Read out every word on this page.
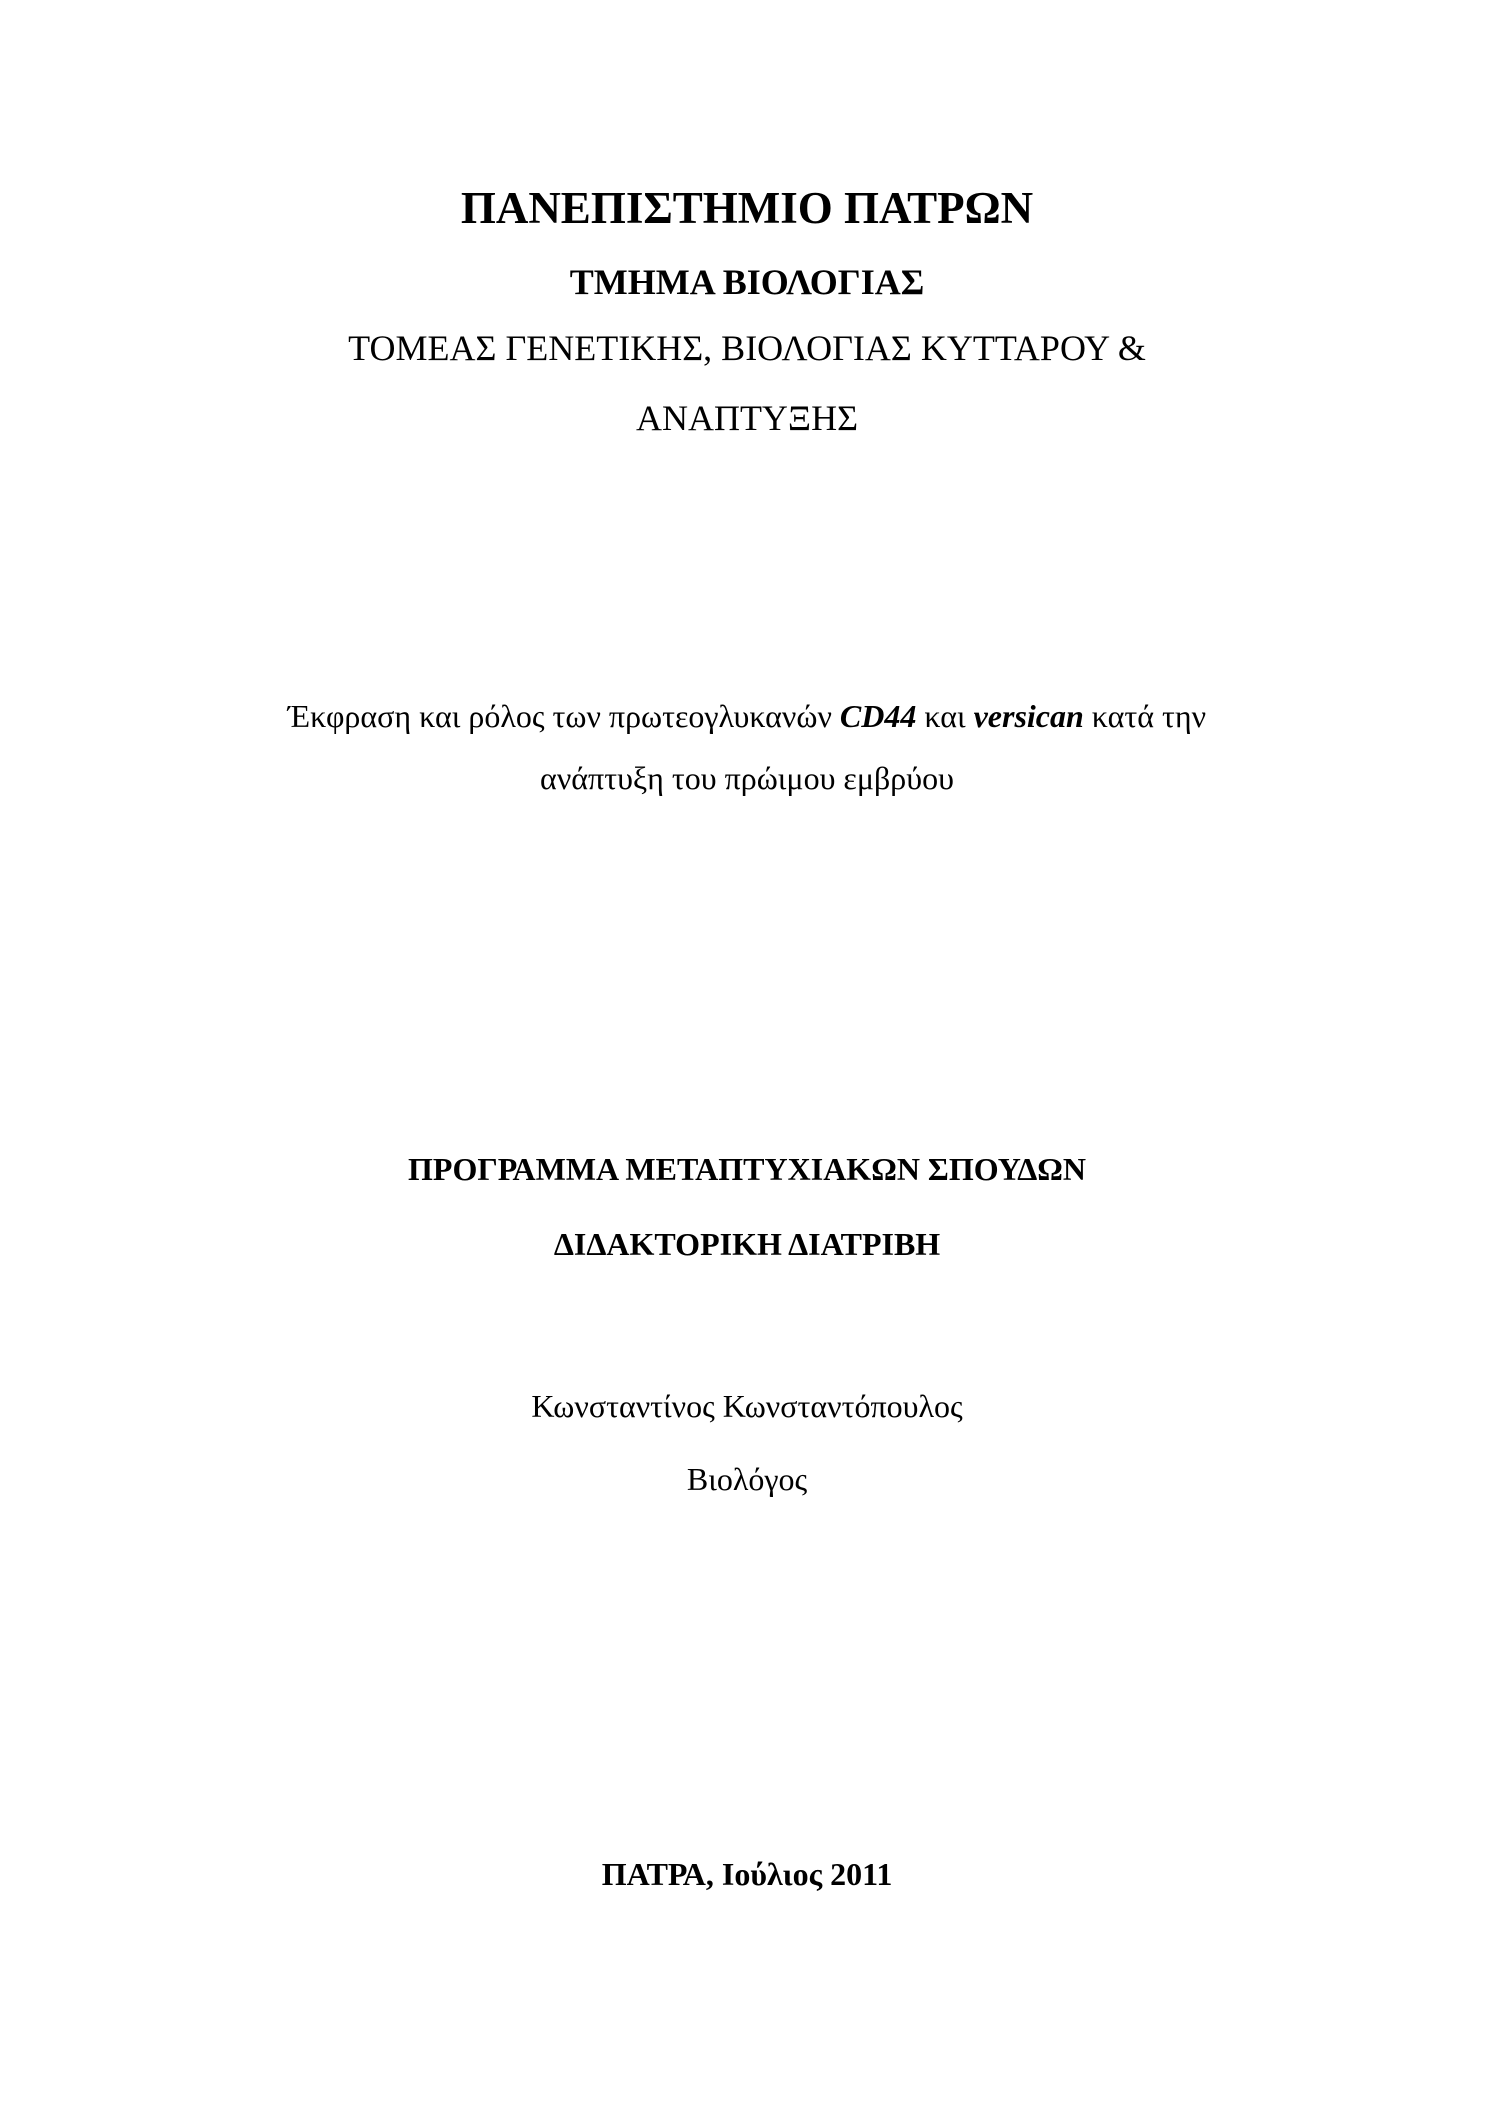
ΠΑΝΕΠΙΣΤΗΜΙΟ ΠΑΤΡΩΝ
ΤΜΗΜΑ ΒΙΟΛΟΓΙΑΣ
ΤΟΜΕΑΣ ΓΕΝΕΤΙΚΗΣ, ΒΙΟΛΟΓΙΑΣ ΚΥΤΤΑΡΟΥ &
ΑΝΑΠΤΥΞΗΣ
Έκφραση και ρόλος των πρωτεογλυκανών CD44 και versican κατά την
ανάπτυξη του πρώιμου εμβρύου
ΠΡΟΓΡΑΜΜΑ ΜΕΤΑΠΤΥΧΙΑΚΩΝ ΣΠΟΥΔΩΝ
ΔΙΔΑΚΤΟΡΙΚΗ ΔΙΑΤΡΙΒΗ
Κωνσταντίνος Κωνσταντόπουλος
Βιολόγος
ΠΑΤΡΑ, Ιούλιος 2011
